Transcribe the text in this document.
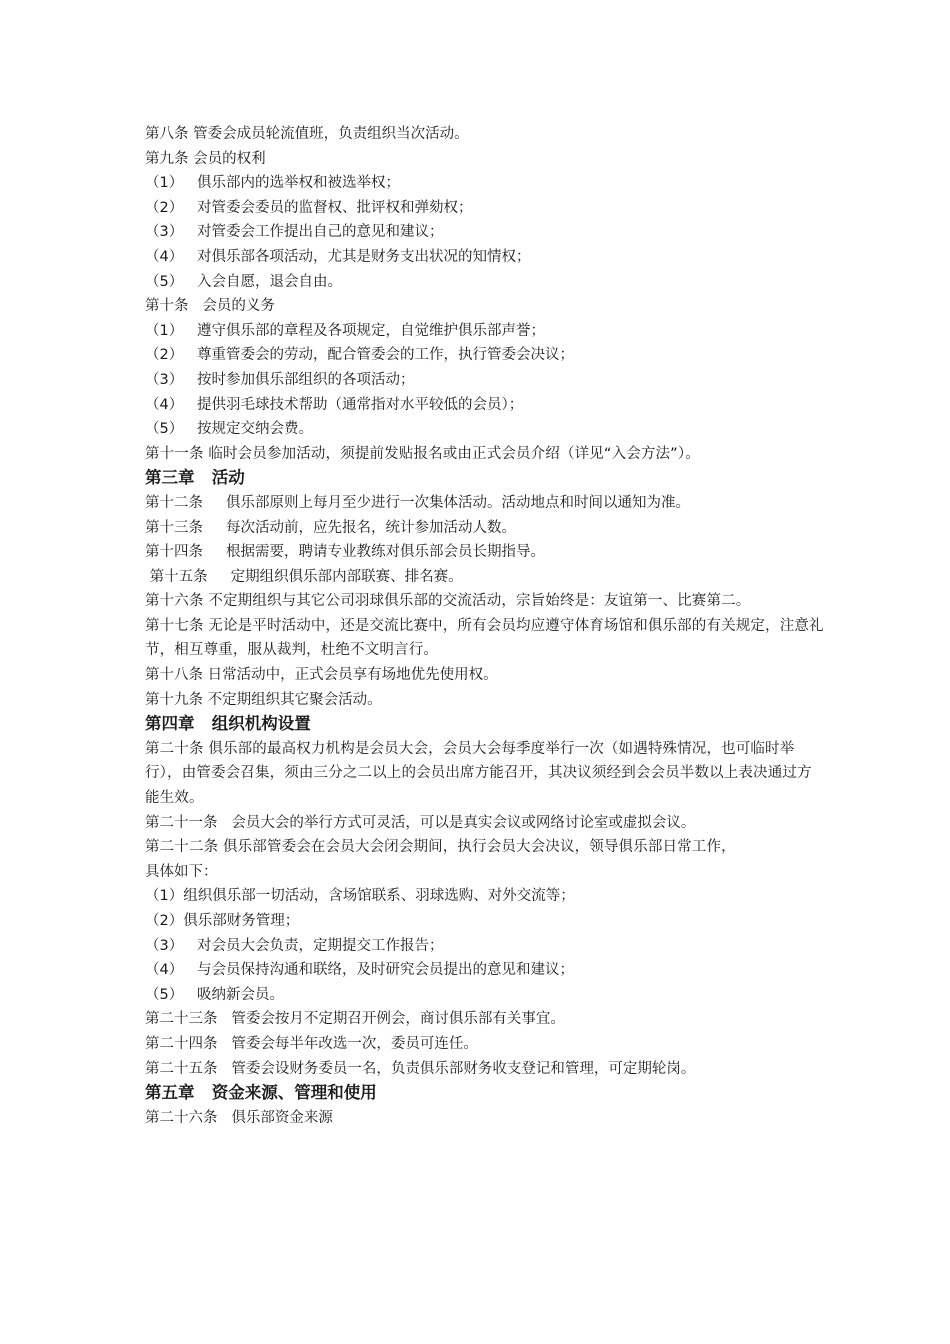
第八条 管委会成员轮流值班，负责组织当次活动。
第九条 会员的权利
（1）   俱乐部内的选举权和被选举权；
（2）   对管委会委员的监督权、批评权和弹劾权；
（3）   对管委会工作提出自己的意见和建议；
（4）   对俱乐部各项活动，尤其是财务支出状况的知情权；
（5）   入会自愿，退会自由。
第十条   会员的义务
（1）   遵守俱乐部的章程及各项规定，自觉维护俱乐部声誉；
（2）   尊重管委会的劳动，配合管委会的工作，执行管委会决议；
（3）   按时参加俱乐部组织的各项活动；
（4）   提供羽毛球技术帮助（通常指对水平较低的会员）；
（5）   按规定交纳会费。
第十一条 临时会员参加活动，须提前发贴报名或由正式会员介绍（详见“入会方法”）。
第三章   活动
第十二条     俱乐部原则上每月至少进行一次集体活动。活动地点和时间以通知为准。
第十三条     每次活动前，应先报名，统计参加活动人数。
第十四条     根据需要，聘请专业教练对俱乐部会员长期指导。
第十五条     定期组织俱乐部内部联赛、排名赛。
第十六条 不定期组织与其它公司羽球俱乐部的交流活动，宗旨始终是：友谊第一、比赛第二。
第十七条 无论是平时活动中，还是交流比赛中，所有会员均应遵守体育场馆和俱乐部的有关规定，注意礼节，相互尊重，服从裁判，杜绝不文明言行。
第十八条 日常活动中，正式会员享有场地优先使用权。
第十九条 不定期组织其它聚会活动。
第四章   组织机构设置
第二十条 俱乐部的最高权力机构是会员大会，会员大会每季度举行一次（如遇特殊情况，也可临时举行），由管委会召集，须由三分之二以上的会员出席方能召开，其决议须经到会会员半数以上表决通过方能生效。
第二十一条   会员大会的举行方式可灵活，可以是真实会议或网络讨论室或虚拟会议。
第二十二条 俱乐部管委会在会员大会闭会期间，执行会员大会决议，领导俱乐部日常工作，
具体如下：
（1）组织俱乐部一切活动，含场馆联系、羽球选购、对外交流等；
（2）俱乐部财务管理；
（3）   对会员大会负责，定期提交工作报告；
（4）   与会员保持沟通和联络，及时研究会员提出的意见和建议；
（5）   吸纳新会员。
第二十三条   管委会按月不定期召开例会，商讨俱乐部有关事宜。
第二十四条   管委会每半年改选一次，委员可连任。
第二十五条   管委会设财务委员一名，负责俱乐部财务收支登记和管理，可定期轮岗。
第五章   资金来源、管理和使用
第二十六条   俱乐部资金来源
